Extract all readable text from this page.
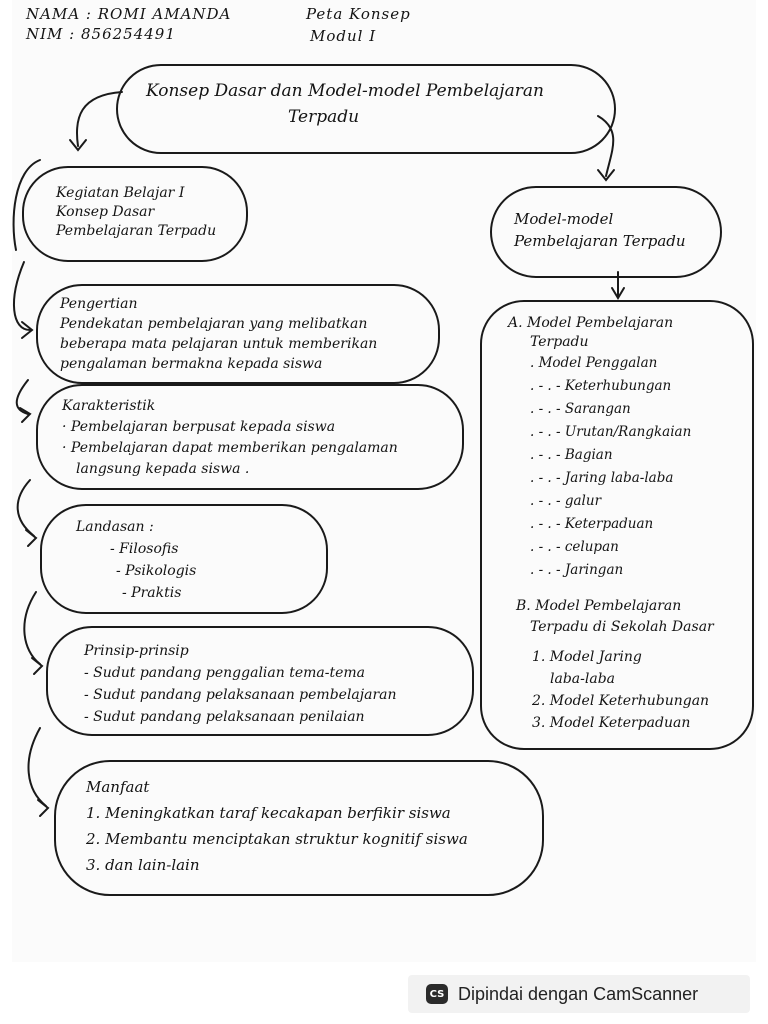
NAMA : ROMI AMANDA
NIM : 856254491
Peta Konsep
Modul I
Konsep Dasar dan Model-model Pembelajaran
Terpadu
Kegiatan Belajar I
Konsep Dasar
Pembelajaran Terpadu
Pengertian
Pendekatan pembelajaran yang melibatkan
beberapa mata pelajaran untuk memberikan
pengalaman bermakna kepada siswa
Karakteristik
· Pembelajaran berpusat kepada siswa
· Pembelajaran dapat memberikan pengalaman
langsung kepada siswa .
Landasan :
- Filosofis
- Psikologis
- Praktis
Prinsip-prinsip
- Sudut pandang penggalian tema-tema
- Sudut pandang pelaksanaan pembelajaran
- Sudut pandang pelaksanaan penilaian
Manfaat
1. Meningkatkan taraf kecakapan berfikir siswa
2. Membantu menciptakan struktur kognitif siswa
3. dan lain-lain
Model-model
Pembelajaran Terpadu
A. Model Pembelajaran
Terpadu
. Model Penggalan
. - . - Keterhubungan
. - . - Sarangan
. - . - Urutan/Rangkaian
. - . - Bagian
. - . - Jaring laba-laba
. - . - galur
. - . - Keterpaduan
. - . - celupan
. - . - Jaringan
B. Model Pembelajaran
Terpadu di Sekolah Dasar
1. Model Jaring
laba-laba
2. Model Keterhubungan
3. Model Keterpaduan
CS Dipindai dengan CamScanner
